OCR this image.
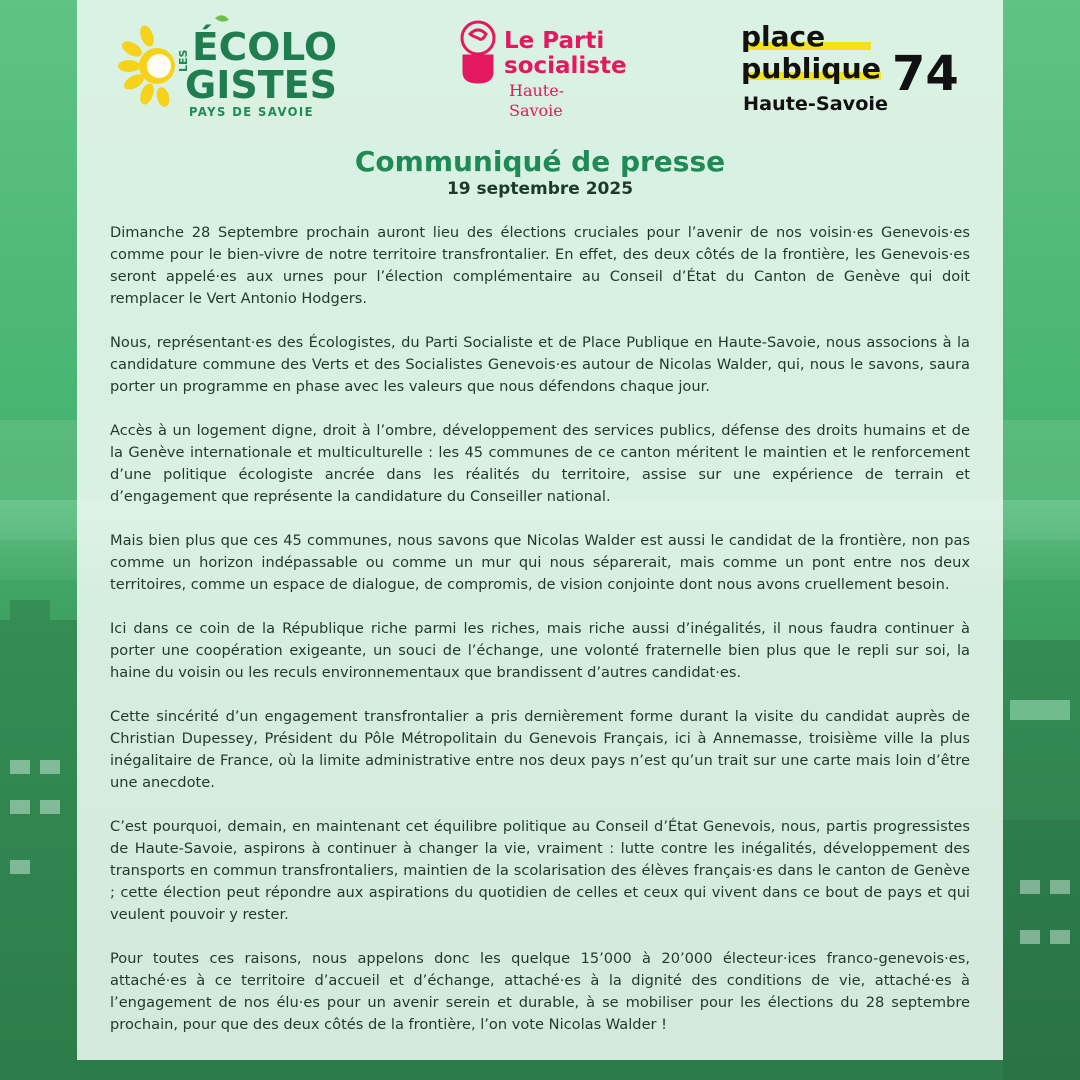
LES ÉCOLO
GISTES
PAYS DE SAVOIE
Le Parti
socialiste
Haute-
Savoie
place
publique 74
Haute-Savoie
Communiqué de presse
19 septembre 2025

Dimanche 28 Septembre prochain auront lieu des élections cruciales pour l’avenir de nos voisin·es Genevois·es comme pour le bien-vivre de notre territoire transfrontalier. En effet, des deux côtés de la frontière, les Genevois·es seront appelé·es aux urnes pour l’élection complémentaire au Conseil d’État du Canton de Genève qui doit remplacer le Vert Antonio Hodgers.

Nous, représentant·es des Écologistes, du Parti Socialiste et de Place Publique en Haute-Savoie, nous associons à la candidature commune des Verts et des Socialistes Genevois·es autour de Nicolas Walder, qui, nous le savons, saura porter un programme en phase avec les valeurs que nous défendons chaque jour.

Accès à un logement digne, droit à l’ombre, développement des services publics, défense des droits humains et de la Genève internationale et multiculturelle : les 45 communes de ce canton méritent le maintien et le renforcement d’une politique écologiste ancrée dans les réalités du territoire, assise sur une expérience de terrain et d’engagement que représente la candidature du Conseiller national.

Mais bien plus que ces 45 communes, nous savons que Nicolas Walder est aussi le candidat de la frontière, non pas comme un horizon indépassable ou comme un mur qui nous séparerait, mais comme un pont entre nos deux territoires, comme un espace de dialogue, de compromis, de vision conjointe dont nous avons cruellement besoin.

Ici dans ce coin de la République riche parmi les riches, mais riche aussi d’inégalités, il nous faudra continuer à porter une coopération exigeante, un souci de l’échange, une volonté fraternelle bien plus que le repli sur soi, la haine du voisin ou les reculs environnementaux que brandissent d’autres candidat·es.

Cette sincérité d’un engagement transfrontalier a pris dernièrement forme durant la visite du candidat auprès de Christian Dupessey, Président du Pôle Métropolitain du Genevois Français, ici à Annemasse, troisième ville la plus inégalitaire de France, où la limite administrative entre nos deux pays n’est qu’un trait sur une carte mais loin d’être une anecdote.

C’est pourquoi, demain, en maintenant cet équilibre politique au Conseil d’État Genevois, nous, partis progressistes de Haute-Savoie, aspirons à continuer à changer la vie, vraiment : lutte contre les inégalités, développement des transports en commun transfrontaliers, maintien de la scolarisation des élèves français·es dans le canton de Genève ; cette élection peut répondre aux aspirations du quotidien de celles et ceux qui vivent dans ce bout de pays et qui veulent pouvoir y rester.

Pour toutes ces raisons, nous appelons donc les quelque 15’000 à 20’000 électeur·ices franco-genevois·es, attaché·es à ce territoire d’accueil et d’échange, attaché·es à la dignité des conditions de vie, attaché·es à l’engagement de nos élu·es pour un avenir serein et durable, à se mobiliser pour les élections du 28 septembre prochain, pour que des deux côtés de la frontière, l’on vote Nicolas Walder !
